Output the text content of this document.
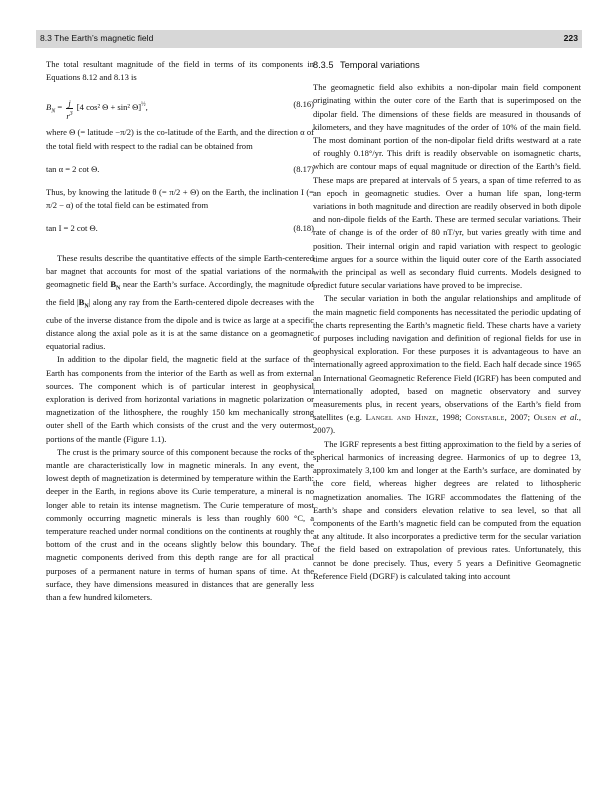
8.3 The Earth’s magnetic field	223

The total resultant magnitude of the field in terms of its components in Equations 8.12 and 8.13 is

$B_N = \frac{j}{r^3} [4$ cos² Θ + sin² Θ]$^{\frac{1}{2}}$,	(8.16)

where Θ (= latitude −π/2) is the co-latitude of the Earth, and the direction α of the total field with respect to the radial can be obtained from

tan α = 2 cot Θ.	(8.17)

Thus, by knowing the latitude θ (= π/2 + Θ) on the Earth, the inclination I (= π/2 − α) of the total field can be estimated from

tan I = 2 cot Θ.	(8.18)

These results describe the quantitative effects of the simple Earth-centered bar magnet that accounts for most of the spatial variations of the normal geomagnetic field $B_N$ near the Earth’s surface. Accordingly, the magnitude of the field $|B_N|$ along any ray from the Earth-centered dipole decreases with the cube of the inverse distance from the dipole and is twice as large at a specific distance along the axial pole as it is at the same distance on a geomagnetic equatorial radius.

In addition to the dipolar field, the magnetic field at the surface of the Earth has components from the interior of the Earth as well as from external sources. The component which is of particular interest in geophysical exploration is derived from horizontal variations in magnetic polarization or magnetization of the lithosphere, the roughly 150 km mechanically strong outer shell of the Earth which consists of the crust and the very outermost portions of the mantle (Figure 1.1).

The crust is the primary source of this component because the rocks of the mantle are characteristically low in magnetic minerals. In any event, the lowest depth of magnetization is determined by temperature within the Earth: deeper in the Earth, in regions above its Curie temperature, a mineral is no longer able to retain its intense magnetism. The Curie temperature of most commonly occurring magnetic minerals is less than roughly 600 °C, a temperature reached under normal conditions on the continents at roughly the bottom of the crust and in the oceans slightly below this boundary. The magnetic components derived from this depth range are for all practical purposes of a permanent nature in terms of human spans of time. At the surface, they have dimensions measured in distances that are generally less than a few hundred kilometers.

8.3.5 Temporal variations

The geomagnetic field also exhibits a non-dipolar main field component originating within the outer core of the Earth that is superimposed on the dipolar field. The dimensions of these fields are measured in thousands of kilometers, and they have magnitudes of the order of 10% of the main field. The most dominant portion of the non-dipolar field drifts westward at a rate of roughly 0.18°/yr. This drift is readily observable on isomagnetic charts, which are contour maps of equal magnitude or direction of the Earth’s field. These maps are prepared at intervals of 5 years, a span of time referred to as an epoch in geomagnetic studies. Over a human life span, long-term variations in both magnitude and direction are readily observed in both dipole and non-dipole fields of the Earth. These are termed secular variations. Their rate of change is of the order of 80 nT/yr, but varies greatly with time and position. Their internal origin and rapid variation with respect to geologic time argues for a source within the liquid outer core of the Earth associated with the principal as well as secondary fluid currents. Models designed to predict future secular variations have proved to be imprecise.

The secular variation in both the angular relationships and amplitude of the main magnetic field components has necessitated the periodic updating of the charts representing the Earth’s magnetic field. These charts have a variety of purposes including navigation and definition of regional fields for use in geophysical exploration. For these purposes it is advantageous to have an internationally agreed approximation to the field. Each half decade since 1965 an International Geomagnetic Reference Field (IGRF) has been computed and internationally adopted, based on magnetic observatory and survey measurements plus, in recent years, observations of the Earth’s field from satellites (e.g. Langel and Hinze, 1998; Constable, 2007; Olsen et al., 2007).

The IGRF represents a best fitting approximation to the field by a series of spherical harmonics of increasing degree. Harmonics of up to degree 13, approximately 3,100 km and longer at the Earth’s surface, are dominated by the core field, whereas higher degrees are related to lithospheric magnetization anomalies. The IGRF accommodates the flattening of the Earth’s shape and considers elevation relative to sea level, so that all components of the Earth’s magnetic field can be computed from the equation at any altitude. It also incorporates a predictive term for the secular variation of the field based on extrapolation of previous rates. Unfortunately, this cannot be done precisely. Thus, every 5 years a Definitive Geomagnetic Reference Field (DGRF) is calculated taking into account
